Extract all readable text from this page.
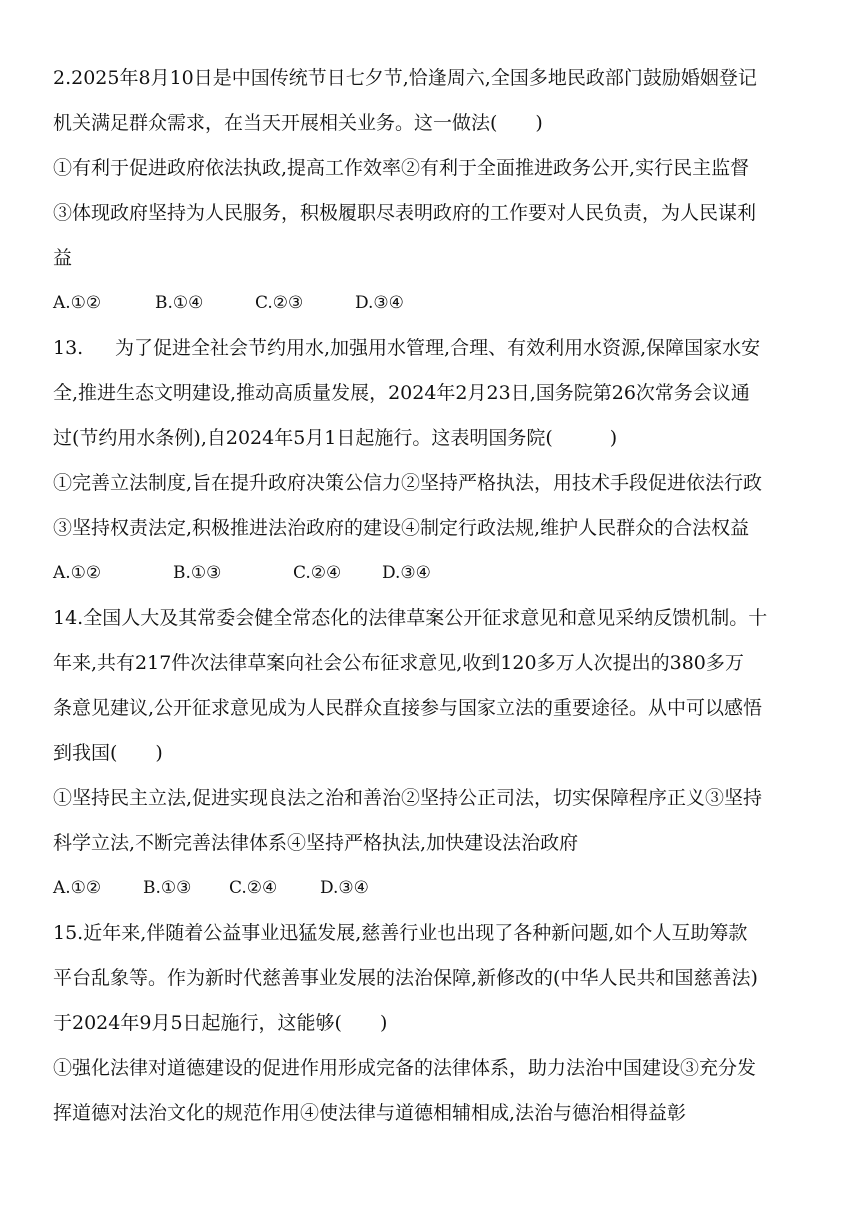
2.2025年8月10日是中国传统节日七夕节,恰逢周六,全国多地民政部门鼓励婚姻登记
机关满足群众需求，在当天开展相关业务。这一做法(　　)
①有利于促进政府依法执政,提高工作效率②有利于全面推进政务公开,实行民主监督
③体现政府坚持为人民服务，积极履职尽表明政府的工作要对人民负责，为人民谋利
益
A.①②	B.①④	C.②③	D.③④
13. 为了促进全社会节约用水,加强用水管理,合理、有效利用水资源,保障国家水安
全,推进生态文明建设,推动高质量发展，2024年2月23日,国务院第26次常务会议通
过(节约用水条例),自2024年5月1日起施行。这表明国务院(　　　)
①完善立法制度,旨在提升政府决策公信力②坚持严格执法，用技术手段促进依法行政
③坚持权责法定,积极推进法治政府的建设④制定行政法规,维护人民群众的合法权益
A.①②	B.①③	C.②④ D.③④
14.全国人大及其常委会健全常态化的法律草案公开征求意见和意见采纳反馈机制。十
年来,共有217件次法律草案向社会公布征求意见,收到120多万人次提出的380多万
条意见建议,公开征求意见成为人民群众直接参与国家立法的重要途径。从中可以感悟
到我国(　　)
①坚持民主立法,促进实现良法之治和善治②坚持公正司法，切实保障程序正义③坚持
科学立法,不断完善法律体系④坚持严格执法,加快建设法治政府
A.①② B.①③ C.②④	D.③④
15.近年来,伴随着公益事业迅猛发展,慈善行业也出现了各种新问题,如个人互助筹款
平台乱象等。作为新时代慈善事业发展的法治保障,新修改的(中华人民共和国慈善法)
于2024年9月5日起施行，这能够(　　)
①强化法律对道德建设的促进作用形成完备的法律体系，助力法治中国建设③充分发
挥道德对法治文化的规范作用④使法律与道德相辅相成,法治与德治相得益彰
